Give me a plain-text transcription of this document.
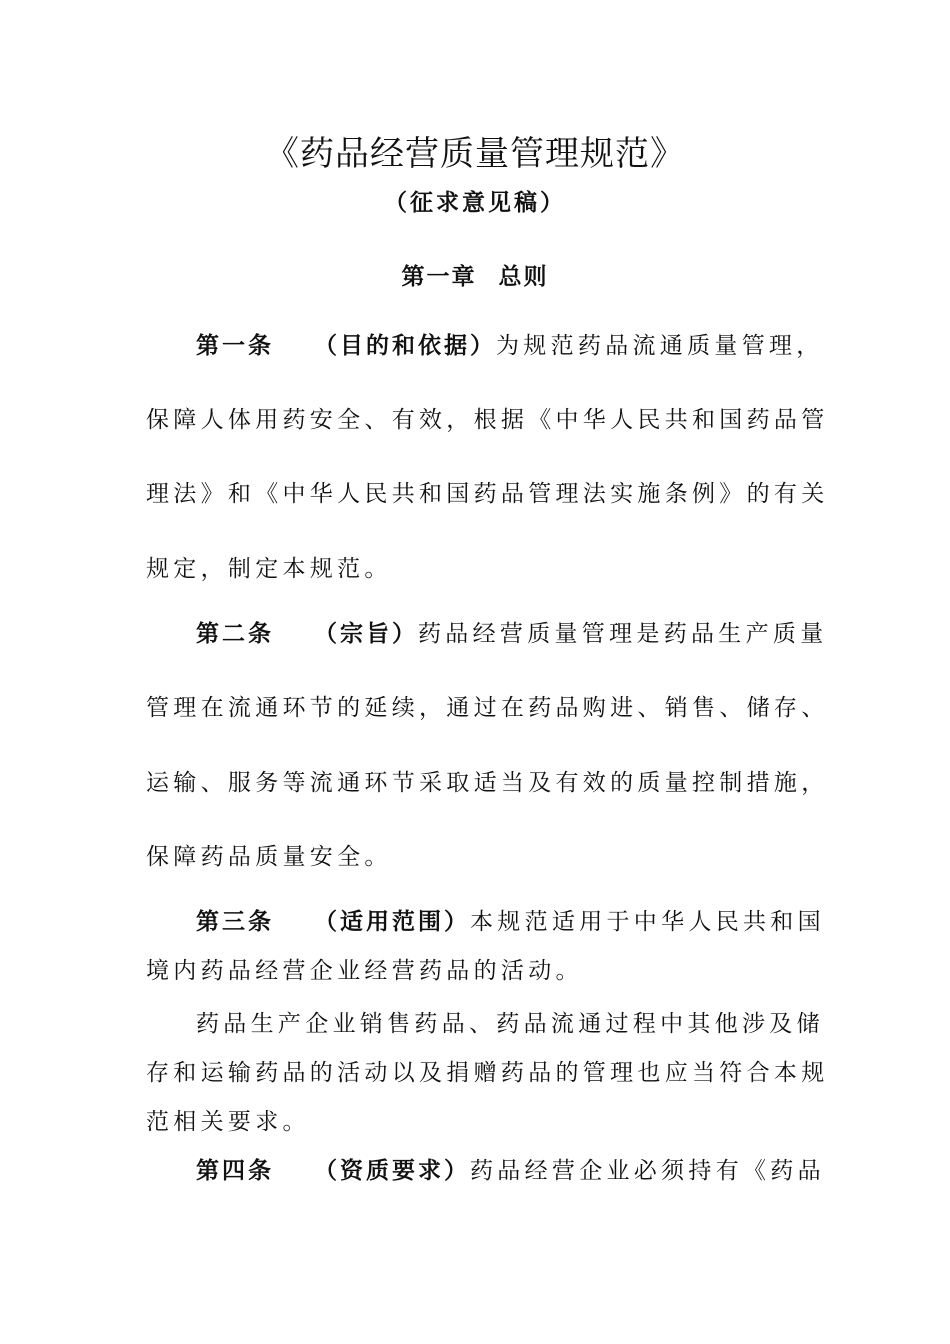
《药品经营质量管理规范》
（征求意见稿）
第一章 总则
第一条 （目的和依据）为规范药品流通质量管理，
保障人体用药安全、有效，根据《中华人民共和国药品管
理法》和《中华人民共和国药品管理法实施条例》的有关
规定，制定本规范。
第二条 （宗旨）药品经营质量管理是药品生产质量
管理在流通环节的延续，通过在药品购进、销售、储存、
运输、服务等流通环节采取适当及有效的质量控制措施，
保障药品质量安全。
第三条 （适用范围）本规范适用于中华人民共和国
境内药品经营企业经营药品的活动。
药品生产企业销售药品、药品流通过程中其他涉及储
存和运输药品的活动以及捐赠药品的管理也应当符合本规
范相关要求。
第四条 （资质要求）药品经营企业必须持有《药品
